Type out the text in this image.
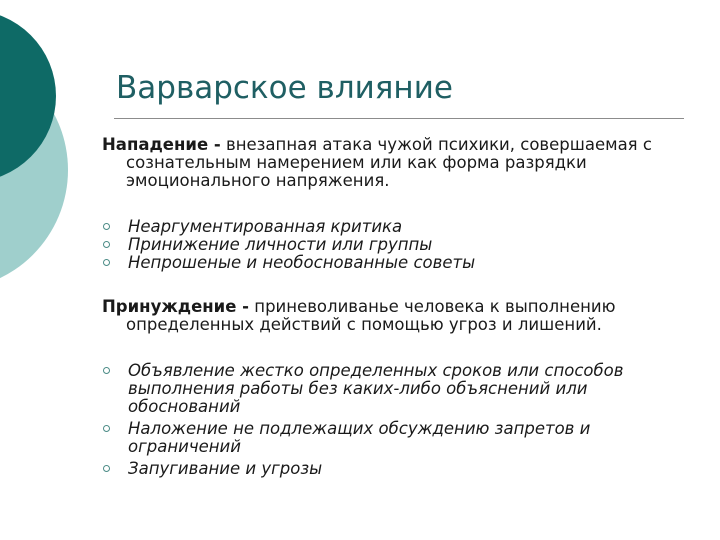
Варварское влияние
Нападение - внезапная атака чужой психики, совершаемая с сознательным намерением или как форма разрядки эмоционального напряжения.
Неаргументированная критика
Принижение личности или группы
Непрошеные и необоснованные советы
Принуждение - приневоливанье человека к выполнению определенных действий с помощью угроз и лишений.
Объявление жестко определенных сроков или способов выполнения работы без каких-либо объяснений или обоснований
Наложение не подлежащих обсуждению запретов и ограничений
Запугивание и угрозы
